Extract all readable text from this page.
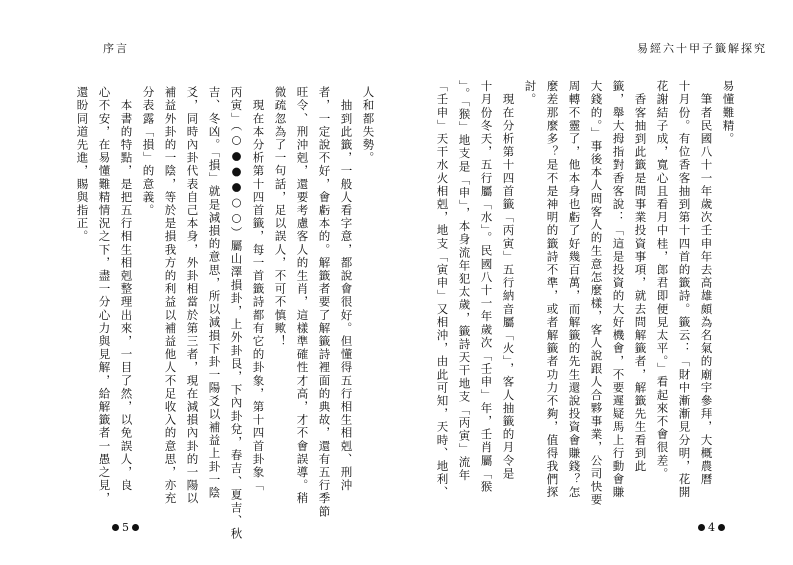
序言
人和都失勢。
　抽到此籤，一般人看字意，都說會很好。但懂得五行相生相剋、刑沖
者，一定說不好，會虧本的。解籤者要了解籤詩裡面的典故，還有五行季節
旺令、刑沖剋，還要考慮客人的生肖，這樣準確性才高，才不會誤導。稍
微疏忽為了一句話，足以誤人，不可不慎歟！
　現在本分析第十四首籤，每一首籤詩都有它的卦象，第十四首卦象「
丙寅」（○●●●○○）屬山澤損卦，上外卦艮，下內卦兌，春吉、夏吉、秋
吉、冬凶。「損」就是減損的意思，所以減損下卦一陽爻以補益上卦一陰
爻，同時內卦代表自己本身，外卦相當於第三者，現在減損內卦的一陽以
補益外卦的一陰，等於是損我方的利益以補益他人不足收入的意思，亦充
分表露「損」的意義。
　本書的特點，是把五行相生相剋整理出來，一目了然，以免誤人，良
心不安，在易懂難精情況之下，盡一分心力與見解，給解籤者一愚之見，
還盼同道先進，賜與指正。
5
易經六十甲子籤解探究
易懂難精。
　筆者民國八十一年歲次壬申年去高雄頗為名氣的廟宇參拜，大概農曆
十月份。有位香客抽到第十四首的籤詩。籤云：「財中漸漸見分明，花開
花謝結子成，寬心且看月中桂，郎君即便見太平。」看起來不會很差。
　香客抽到此籤是問事業投資事項，就去問解籤者，解籤先生看到此
籤，舉大拇指對香客說：「這是投資的大好機會，不要遲疑馬上行動會賺
大錢的。」事後本人問客人的生意怎麼樣，客人說跟人合夥事業，公司快要
周轉不靈了，他本身也虧了好幾百萬，而解籤的先生還說投資會賺錢？怎
麼差那麼多？是不是神明的籤詩不準，或者解籤者功力不夠，值得我們探
討。
　現在分析第十四首籤「丙寅」五行納音屬「火」，客人抽籤的月令是
十月份冬天，五行屬「水」。民國八十一年歲次「壬申」年，壬肖屬「猴
」。「猴」地支是「申」，本身流年犯太歲，籤詩天干地支「丙寅」流年
「壬申」天干水火相剋，地支「寅申」又相沖，由此可知，天時、地利、
4
